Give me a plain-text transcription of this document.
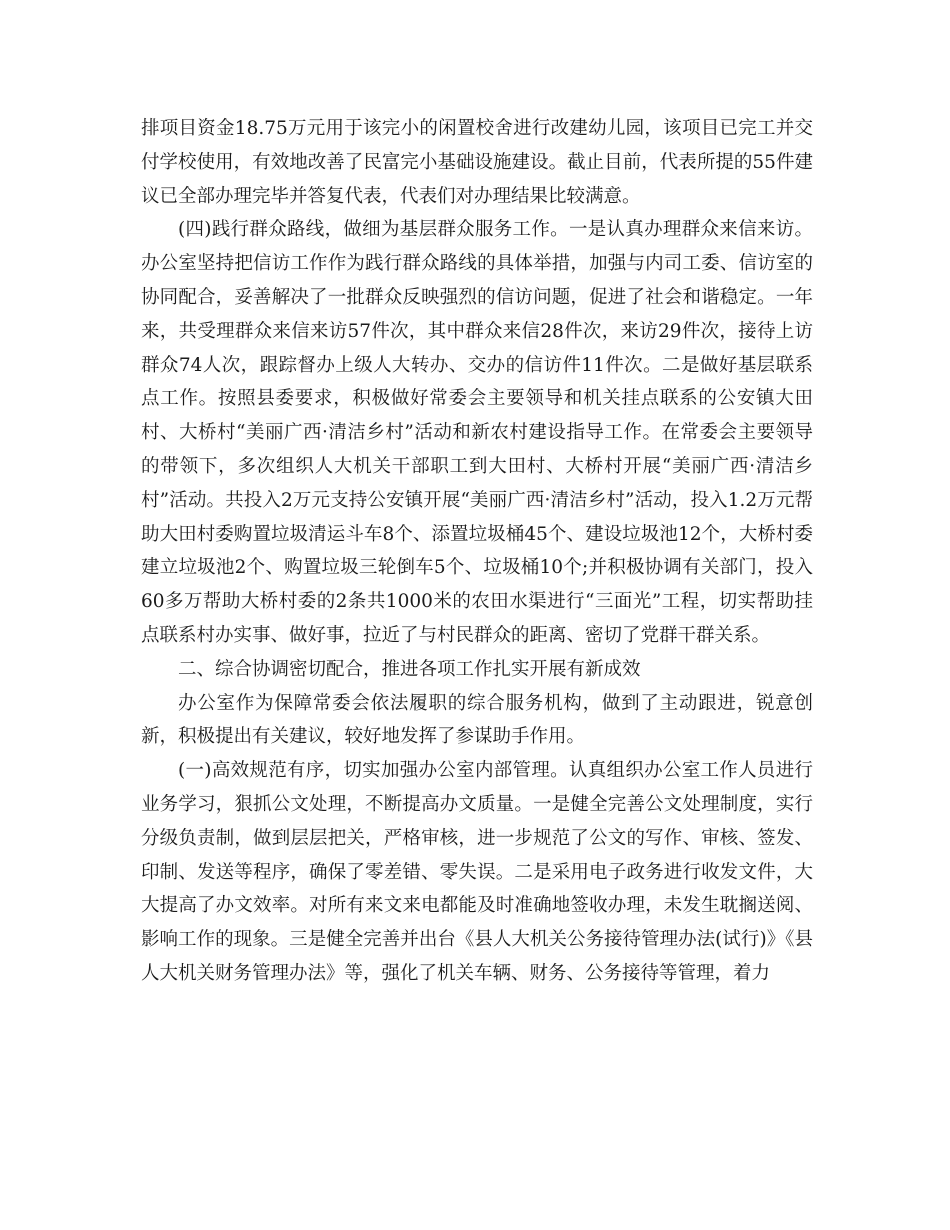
排项目资金18.75万元用于该完小的闲置校舍进行改建幼儿园，该项目已完工并交付学校使用，有效地改善了民富完小基础设施建设。截止目前，代表所提的55件建议已全部办理完毕并答复代表，代表们对办理结果比较满意。

(四)践行群众路线，做细为基层群众服务工作。一是认真办理群众来信来访。办公室坚持把信访工作作为践行群众路线的具体举措，加强与内司工委、信访室的协同配合，妥善解决了一批群众反映强烈的信访问题，促进了社会和谐稳定。一年来，共受理群众来信来访57件次，其中群众来信28件次，来访29件次，接待上访群众74人次，跟踪督办上级人大转办、交办的信访件11件次。二是做好基层联系点工作。按照县委要求，积极做好常委会主要领导和机关挂点联系的公安镇大田村、大桥村“美丽广西·清洁乡村”活动和新农村建设指导工作。在常委会主要领导的带领下，多次组织人大机关干部职工到大田村、大桥村开展“美丽广西·清洁乡村”活动。共投入2万元支持公安镇开展“美丽广西·清洁乡村”活动，投入1.2万元帮助大田村委购置垃圾清运斗车8个、添置垃圾桶45个、建设垃圾池12个，大桥村委建立垃圾池2个、购置垃圾三轮倒车5个、垃圾桶10个;并积极协调有关部门，投入60多万帮助大桥村委的2条共1000米的农田水渠进行“三面光”工程，切实帮助挂点联系村办实事、做好事，拉近了与村民群众的距离、密切了党群干群关系。

二、综合协调密切配合，推进各项工作扎实开展有新成效

办公室作为保障常委会依法履职的综合服务机构，做到了主动跟进，锐意创新，积极提出有关建议，较好地发挥了参谋助手作用。

(一)高效规范有序，切实加强办公室内部管理。认真组织办公室工作人员进行业务学习，狠抓公文处理，不断提高办文质量。一是健全完善公文处理制度，实行分级负责制，做到层层把关，严格审核，进一步规范了公文的写作、审核、签发、印制、发送等程序，确保了零差错、零失误。二是采用电子政务进行收发文件，大大提高了办文效率。对所有来文来电都能及时准确地签收办理，未发生耽搁送阅、影响工作的现象。三是健全完善并出台《县人大机关公务接待管理办法(试行)》《县人大机关财务管理办法》等，强化了机关车辆、财务、公务接待等管理，着力
